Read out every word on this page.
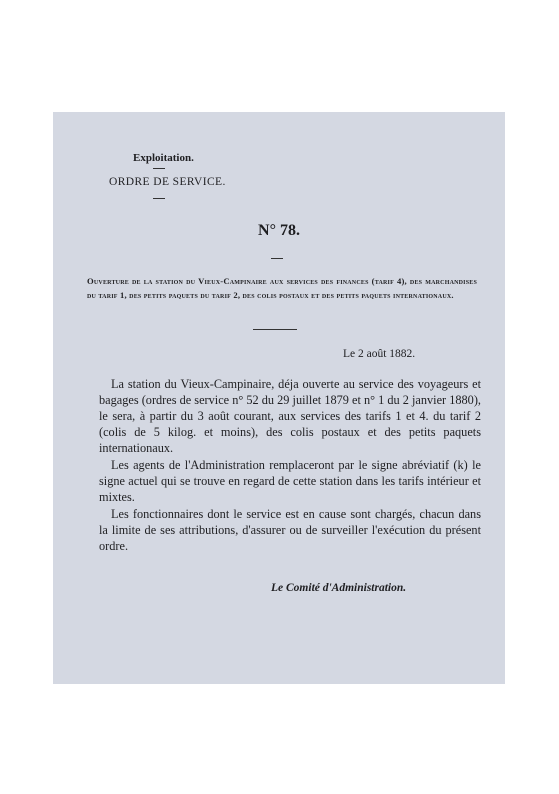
Exploitation.
ORDRE DE SERVICE.
N° 78.
Ouverture de la station du Vieux-Campinaire aux services des finances (tarif 4), des marchandises du tarif 1, des petits paquets du tarif 2, des colis postaux et des petits paquets internationaux.
Le 2 août 1882.

La station du Vieux-Campinaire, déja ouverte au service des voyageurs et bagages (ordres de service n° 52 du 29 juillet 1879 et n° 1 du 2 janvier 1880), le sera, à partir du 3 août courant, aux services des tarifs 1 et 4. du tarif 2 (colis de 5 kilog. et moins), des colis postaux et des petits paquets internationaux.

Les agents de l'Administration remplaceront par le signe abréviatif (k) le signe actuel qui se trouve en regard de cette station dans les tarifs intérieur et mixtes.

Les fonctionnaires dont le service est en cause sont chargés, chacun dans la limite de ses attributions, d'assurer ou de surveiller l'exécution du présent ordre.

Le Comité d'Administration.
